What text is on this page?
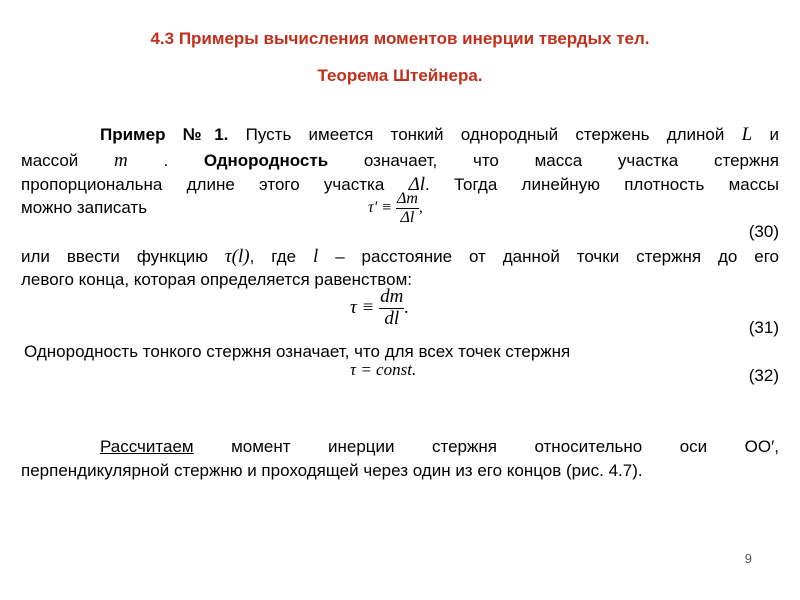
4.3 Примеры вычисления моментов инерции твердых тел.
Теорема Штейнера.
Пример №1. Пусть имеется тонкий однородный стержень длиной L и
массой m . Однородность означает, что масса участка стержня
пропорциональна длине этого участка Δl. Тогда линейную плотность массы
можно записать	$\tau' \equiv \frac{\Delta m}{\Delta l}$ ,
(30)
или ввести функцию τ(l), где l – расстояние от данной точки стержня до его
левого конца, которая определяется равенством:
$\tau \equiv \frac{dm}{dl}$ .
(31)
Однородность тонкого стержня означает, что для всех точек стержня
τ = const.	(32)
Рассчитаем момент инерции стержня относительно оси OO′,
перпендикулярной стержню и проходящей через один из его концов (рис. 4.7).
9
